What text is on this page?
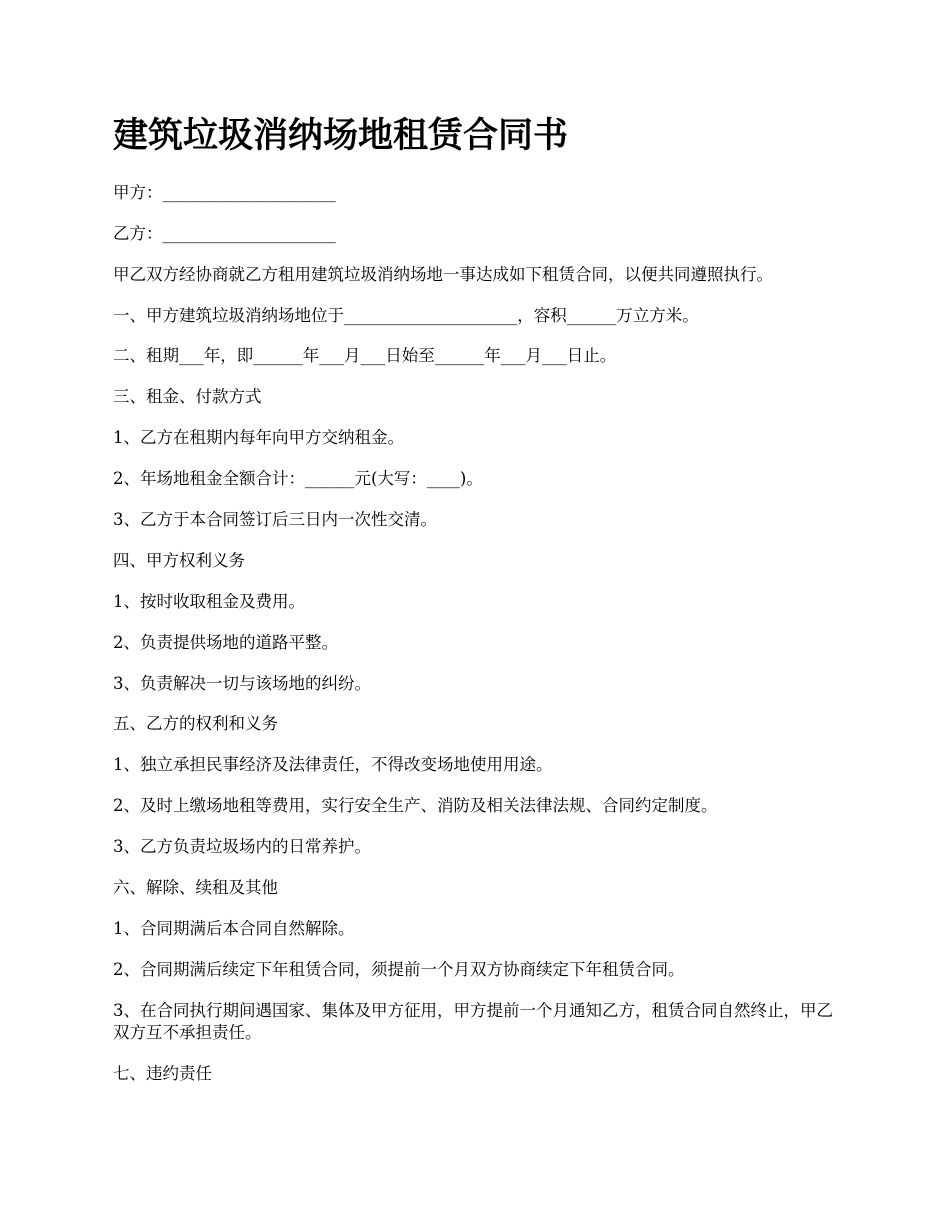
建筑垃圾消纳场地租赁合同书
甲方：_____________________
乙方：_____________________
甲乙双方经协商就乙方租用建筑垃圾消纳场地一事达成如下租赁合同，以便共同遵照执行。
一、甲方建筑垃圾消纳场地位于_____________________，容积______万立方米。
二、租期___年，即______年___月___日始至______年___月___日止。
三、租金、付款方式
1、乙方在租期内每年向甲方交纳租金。
2、年场地租金全额合计：______元(大写：____)。
3、乙方于本合同签订后三日内一次性交清。
四、甲方权利义务
1、按时收取租金及费用。
2、负责提供场地的道路平整。
3、负责解决一切与该场地的纠纷。
五、乙方的权利和义务
1、独立承担民事经济及法律责任，不得改变场地使用用途。
2、及时上缴场地租等费用，实行安全生产、消防及相关法律法规、合同约定制度。
3、乙方负责垃圾场内的日常养护。
六、解除、续租及其他
1、合同期满后本合同自然解除。
2、合同期满后续定下年租赁合同，须提前一个月双方协商续定下年租赁合同。
3、在合同执行期间遇国家、集体及甲方征用，甲方提前一个月通知乙方，租赁合同自然终止，甲乙双方互不承担责任。
七、违约责任
